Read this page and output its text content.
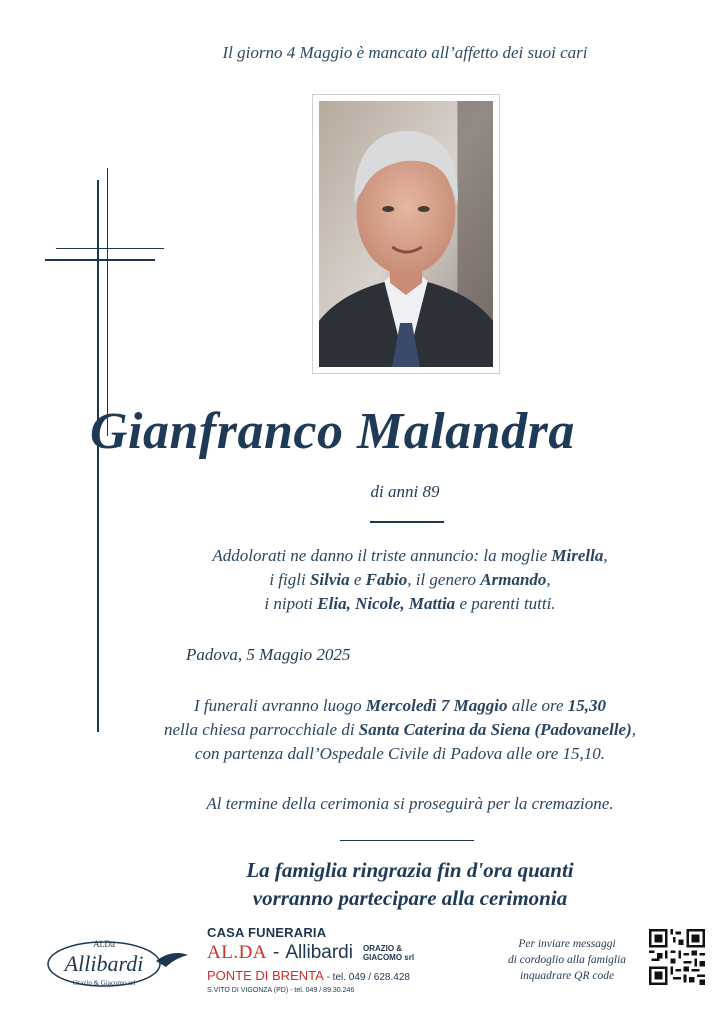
Il giorno 4 Maggio è mancato all’affetto dei suoi cari
Gianfranco Malandra
di anni 89
Addolorati ne danno il triste annuncio: la moglie Mirella,
i figli Silvia e Fabio, il genero Armando,
i nipoti Elia, Nicole, Mattia e parenti tutti.
Padova, 5 Maggio 2025
I funerali avranno luogo Mercoledì 7 Maggio alle ore 15,30
nella chiesa parrocchiale di Santa Caterina da Siena (Padovanelle),
con partenza dall’Ospedale Civile di Padova alle ore 15,10.
Al termine della cerimonia si proseguirà per la cremazione.
La famiglia ringrazia fin d'ora quanti
vorranno partecipare alla cerimonia
Al.Da
Allibardi
Orazio & Giacomo srl
CASA FUNERARIA
AL.DA - Allibardi ORAZIO &
GIACOMO srl
PONTE DI BRENTA - tel. 049 / 628.428
S.VITO DI VIGONZA (PD) - tel. 049 / 89.30.246
Per inviare messaggi
di cordoglio alla famiglia
inquadrare QR code
